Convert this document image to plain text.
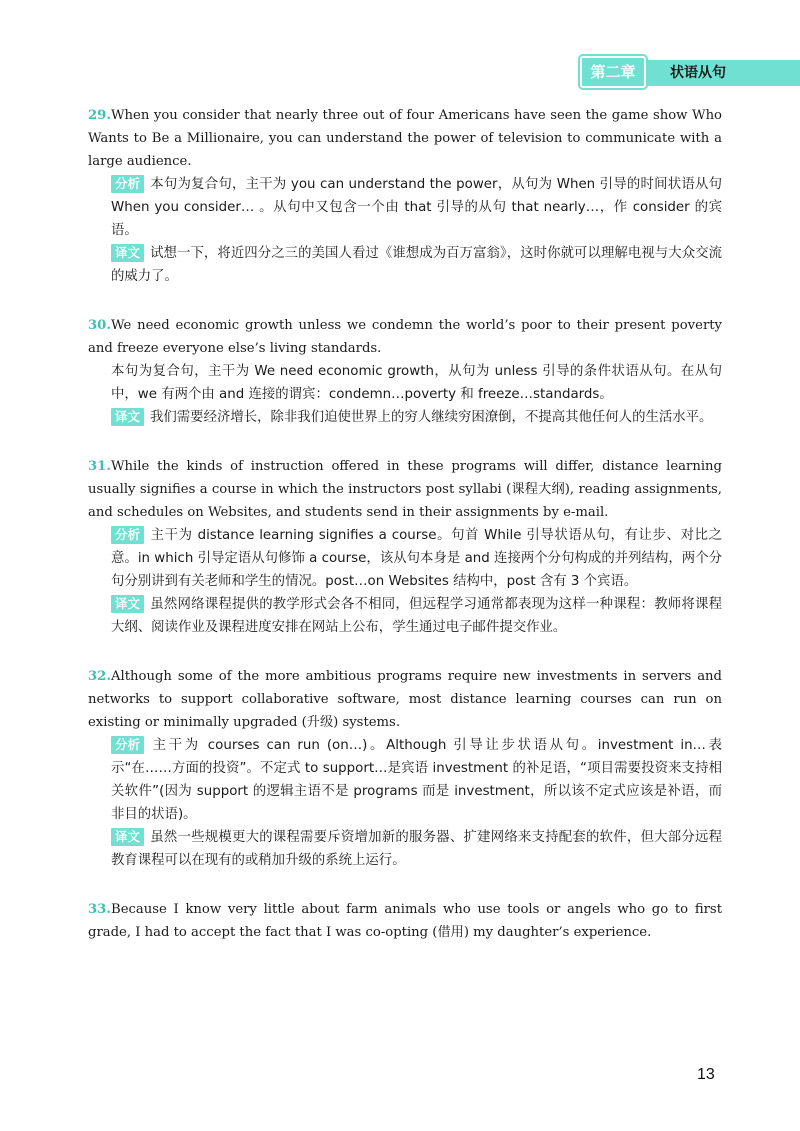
第二章	状语从句
29.When you consider that nearly three out of four Americans have seen the game show Who Wants to Be a Millionaire, you can understand the power of television to communicate with a large audience.
分析 本句为复合句，主干为 you can understand the power，从句为 When 引导的时间状语从句 When you consider… 。从句中又包含一个由 that 引导的从句 that nearly…，作 consider 的宾语。
译文 试想一下，将近四分之三的美国人看过《谁想成为百万富翁》，这时你就可以理解电视与大众交流的威力了。
30.We need economic growth unless we condemn the world’s poor to their present poverty and freeze everyone else’s living standards.
本句为复合句，主干为 We need economic growth，从句为 unless 引导的条件状语从句。在从句中，we 有两个由 and 连接的谓宾：condemn…poverty 和 freeze…standards。
译文 我们需要经济增长，除非我们迫使世界上的穷人继续穷困潦倒，不提高其他任何人的生活水平。
31.While the kinds of instruction offered in these programs will differ, distance learning usually signifies a course in which the instructors post syllabi (课程大纲), reading assignments, and schedules on Websites, and students send in their assignments by e-mail.
分析 主干为 distance learning signifies a course。句首 While 引导状语从句，有让步、对比之意。in which 引导定语从句修饰 a course，该从句本身是 and 连接两个分句构成的并列结构，两个分句分别讲到有关老师和学生的情况。post…on Websites 结构中，post 含有 3 个宾语。
译文 虽然网络课程提供的教学形式会各不相同，但远程学习通常都表现为这样一种课程：教师将课程大纲、阅读作业及课程进度安排在网站上公布，学生通过电子邮件提交作业。
32.Although some of the more ambitious programs require new investments in servers and networks to support collaborative software, most distance learning courses can run on existing or minimally upgraded (升级) systems.
分析 主干为 courses can run (on…)。Although 引导让步状语从句。investment in…表示“在……方面的投资”。不定式 to support…是宾语 investment 的补足语，“项目需要投资来支持相关软件”(因为 support 的逻辑主语不是 programs 而是 investment，所以该不定式应该是补语，而非目的状语)。
译文 虽然一些规模更大的课程需要斥资增加新的服务器、扩建网络来支持配套的软件，但大部分远程教育课程可以在现有的或稍加升级的系统上运行。
33.Because I know very little about farm animals who use tools or angels who go to first grade, I had to accept the fact that I was co-opting (借用) my daughter’s experience.
13
